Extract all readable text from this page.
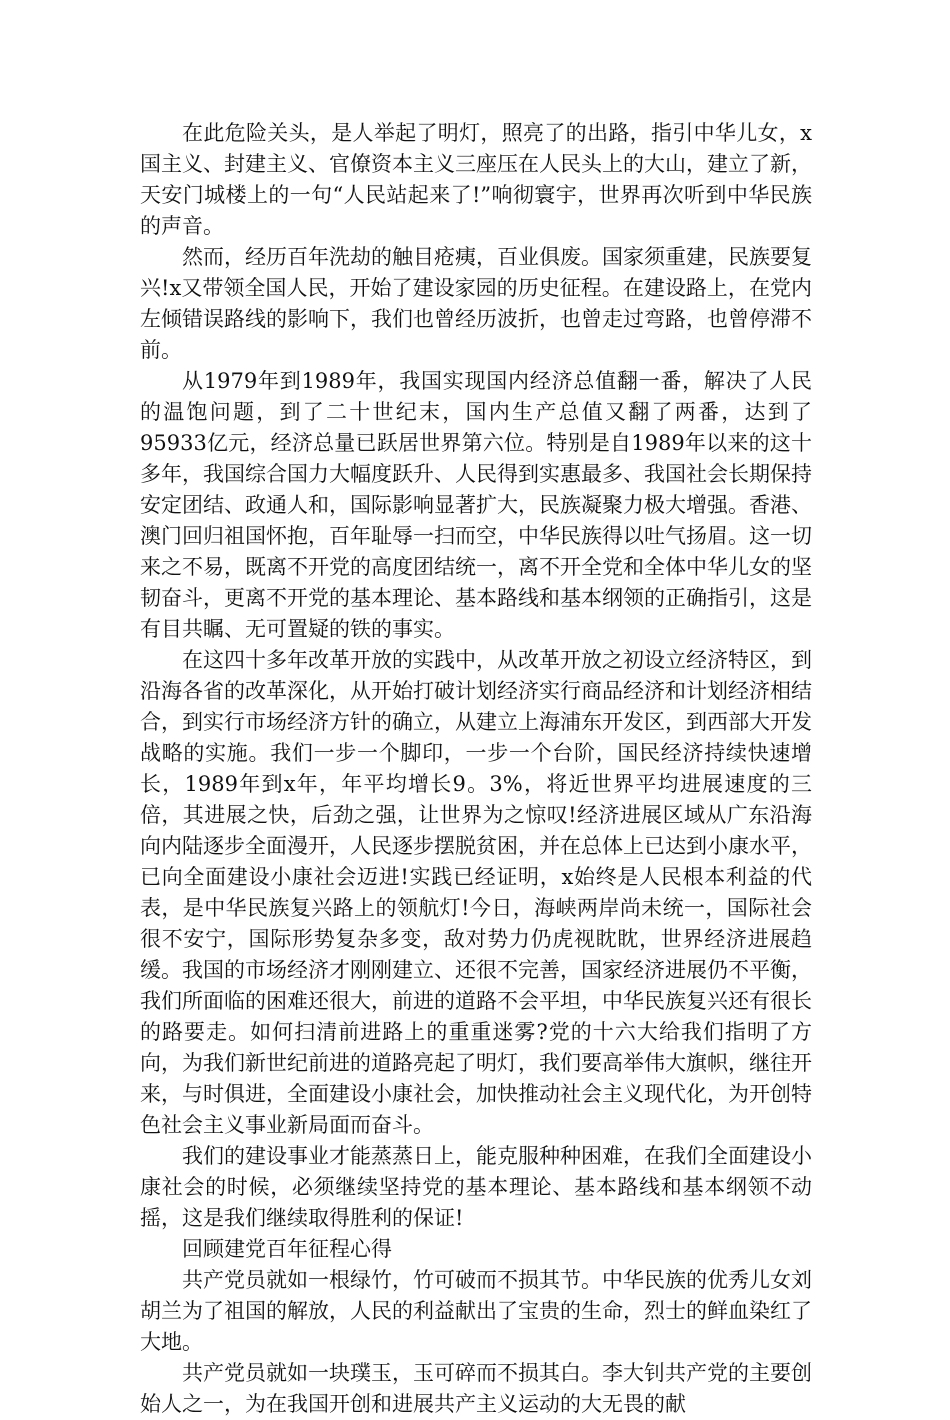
在此危险关头，是人举起了明灯，照亮了的出路，指引中华儿女，x国主义、封建主义、官僚资本主义三座压在人民头上的大山，建立了新，天安门城楼上的一句“人民站起来了!”响彻寰宇，世界再次听到中华民族的声音。

然而，经历百年洗劫的触目疮痍，百业俱废。国家须重建，民族要复兴!x又带领全国人民，开始了建设家园的历史征程。在建设路上，在党内左倾错误路线的影响下，我们也曾经历波折，也曾走过弯路，也曾停滞不前。

从1979年到1989年，我国实现国内经济总值翻一番，解决了人民的温饱问题，到了二十世纪末，国内生产总值又翻了两番，达到了95933亿元，经济总量已跃居世界第六位。特别是自1989年以来的这十多年，我国综合国力大幅度跃升、人民得到实惠最多、我国社会长期保持安定团结、政通人和，国际影响显著扩大，民族凝聚力极大增强。香港、澳门回归祖国怀抱，百年耻辱一扫而空，中华民族得以吐气扬眉。这一切来之不易，既离不开党的高度团结统一，离不开全党和全体中华儿女的坚韧奋斗，更离不开党的基本理论、基本路线和基本纲领的正确指引，这是有目共瞩、无可置疑的铁的事实。

在这四十多年改革开放的实践中，从改革开放之初设立经济特区，到沿海各省的改革深化，从开始打破计划经济实行商品经济和计划经济相结合，到实行市场经济方针的确立，从建立上海浦东开发区，到西部大开发战略的实施。我们一步一个脚印，一步一个台阶，国民经济持续快速增长，1989年到x年，年平均增长9。3%，将近世界平均进展速度的三倍，其进展之快，后劲之强，让世界为之惊叹!经济进展区域从广东沿海向内陆逐步全面漫开，人民逐步摆脱贫困，并在总体上已达到小康水平，已向全面建设小康社会迈进!实践已经证明，x始终是人民根本利益的代表，是中华民族复兴路上的领航灯!今日，海峡两岸尚未统一，国际社会很不安宁，国际形势复杂多变，敌对势力仍虎视眈眈，世界经济进展趋缓。我国的市场经济才刚刚建立、还很不完善，国家经济进展仍不平衡，我们所面临的困难还很大，前进的道路不会平坦，中华民族复兴还有很长的路要走。如何扫清前进路上的重重迷雾?党的十六大给我们指明了方向，为我们新世纪前进的道路亮起了明灯，我们要高举伟大旗帜，继往开来，与时俱进，全面建设小康社会，加快推动社会主义现代化，为开创特色社会主义事业新局面而奋斗。

我们的建设事业才能蒸蒸日上，能克服种种困难，在我们全面建设小康社会的时候，必须继续坚持党的基本理论、基本路线和基本纲领不动摇，这是我们继续取得胜利的保证!

回顾建党百年征程心得

共产党员就如一根绿竹，竹可破而不损其节。中华民族的优秀儿女刘胡兰为了祖国的解放，人民的利益献出了宝贵的生命，烈士的鲜血染红了大地。

共产党员就如一块璞玉，玉可碎而不损其白。李大钊共产党的主要创始人之一，为在我国开创和进展共产主义运动的大无畏的献
